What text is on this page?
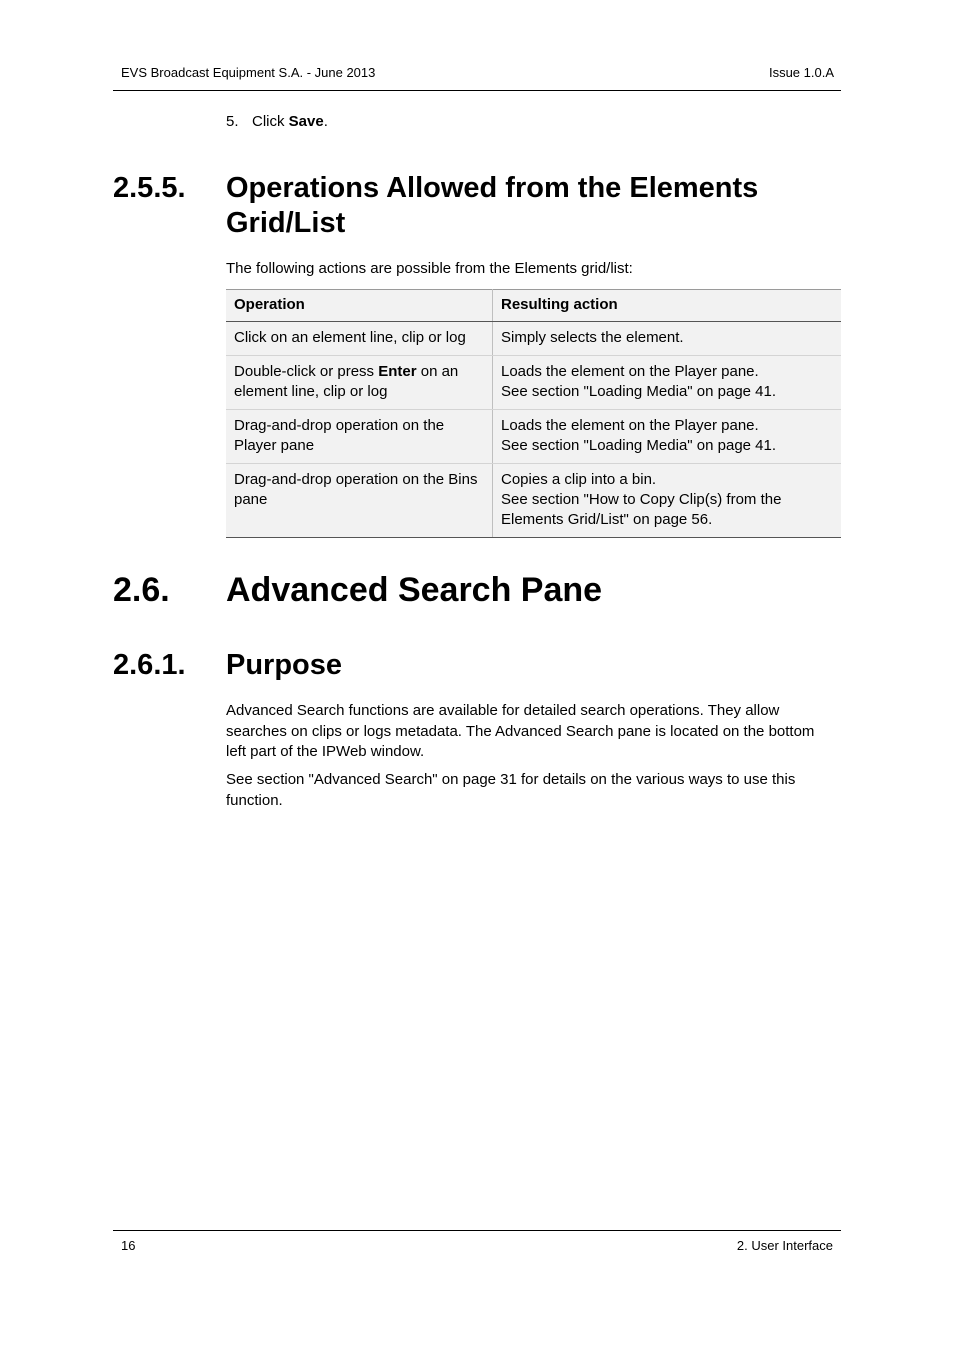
EVS Broadcast Equipment S.A. - June 2013	Issue 1.0.A
5. Click Save.
2.5.5. Operations Allowed from the Elements
Grid/List
The following actions are possible from the Elements grid/list:
Operation	Resulting action
Click on an element line, clip or log	Simply selects the element.

Double-click or press Enter on an element line, clip or log	Loads the element on the Player pane.
See section "Loading Media" on page 41.

Drag-and-drop operation on the Player pane	Loads the element on the Player pane.
See section "Loading Media" on page 41.

Drag-and-drop operation on the Bins pane	Copies a clip into a bin.
See section "How to Copy Clip(s) from the Elements Grid/List" on page 56.
2.6. Advanced Search Pane
2.6.1. Purpose
Advanced Search functions are available for detailed search operations. They allow searches on clips or logs metadata. The Advanced Search pane is located on the bottom left part of the IPWeb window.
See section "Advanced Search" on page 31 for details on the various ways to use this function.
16	2. User Interface
